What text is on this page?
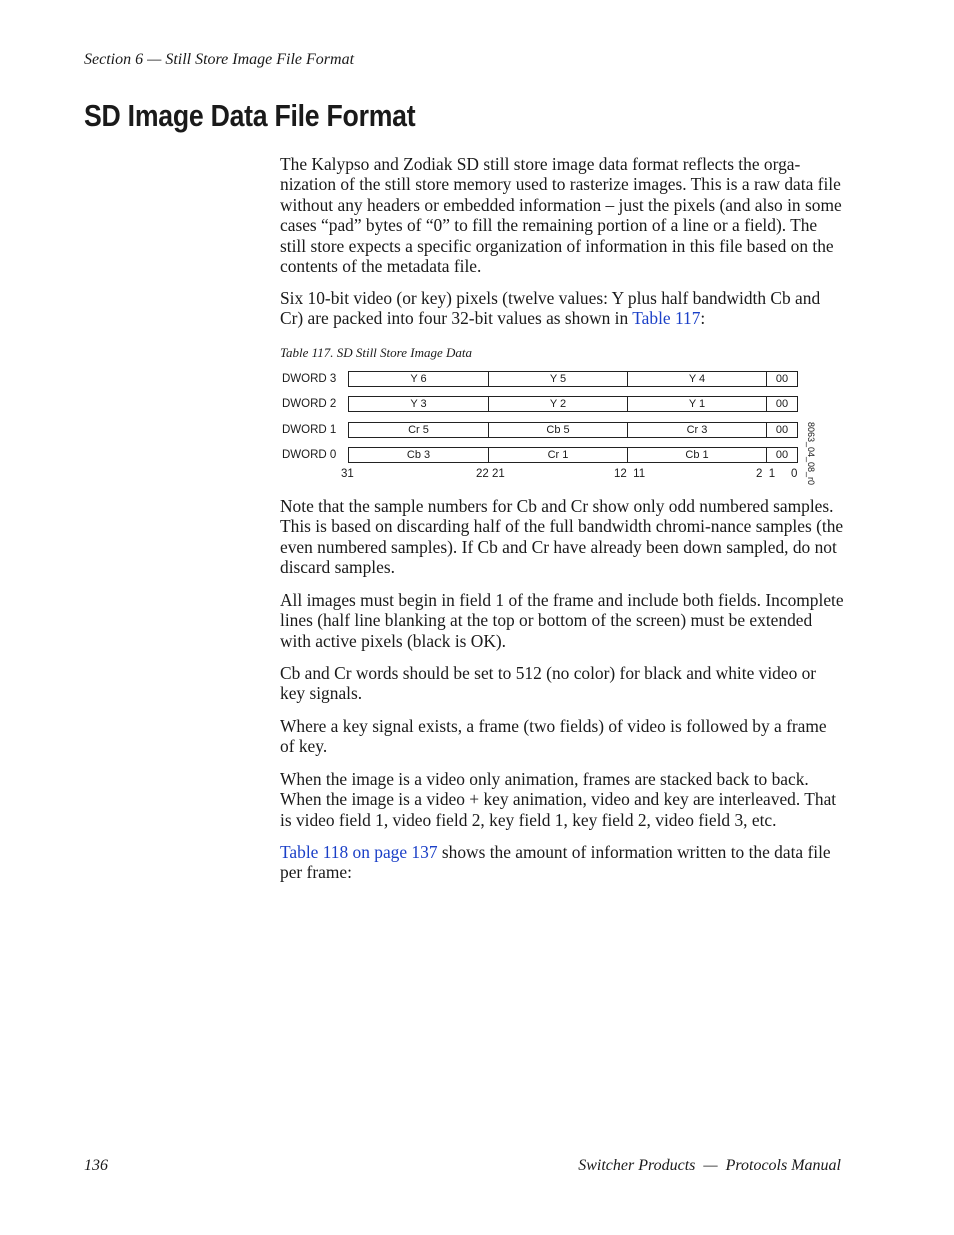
Section 6 — Still Store Image File Format
SD Image Data File Format

The Kalypso and Zodiak SD still store image data format reflects the orga-nization of the still store memory used to rasterize images. This is a raw data file without any headers or embedded information – just the pixels (and also in some cases “pad” bytes of “0” to fill the remaining portion of a line or a field). The still store expects a specific organization of information in this file based on the contents of the metadata file.

Six 10-bit video (or key) pixels (twelve values: Y plus half bandwidth Cb and Cr) are packed into four 32-bit values as shown in Table 117:

Table 117. SD Still Store Image Data
DWORD 3	Y 6	Y 5	Y 4	00
DWORD 2	Y 3	Y 2	Y 1	00
DWORD 1	Cr 5	Cb 5	Cr 3	00
DWORD 0	Cb 3	Cr 1	Cb 1	00
31	22 21	12  11	2  1 0 8063_04_08_r0

Note that the sample numbers for Cb and Cr show only odd numbered samples. This is based on discarding half of the full bandwidth chromi-nance samples (the even numbered samples). If Cb and Cr have already been down sampled, do not discard samples.

All images must begin in field 1 of the frame and include both fields. Incomplete lines (half line blanking at the top or bottom of the screen) must be extended with active pixels (black is OK).

Cb and Cr words should be set to 512 (no color) for black and white video or key signals.

Where a key signal exists, a frame (two fields) of video is followed by a frame of key.

When the image is a video only animation, frames are stacked back to back. When the image is a video + key animation, video and key are interleaved. That is video field 1, video field 2, key field 1, key field 2, video field 3, etc.

Table 118 on page 137 shows the amount of information written to the data file per frame:

136	Switcher Products  —  Protocols Manual
